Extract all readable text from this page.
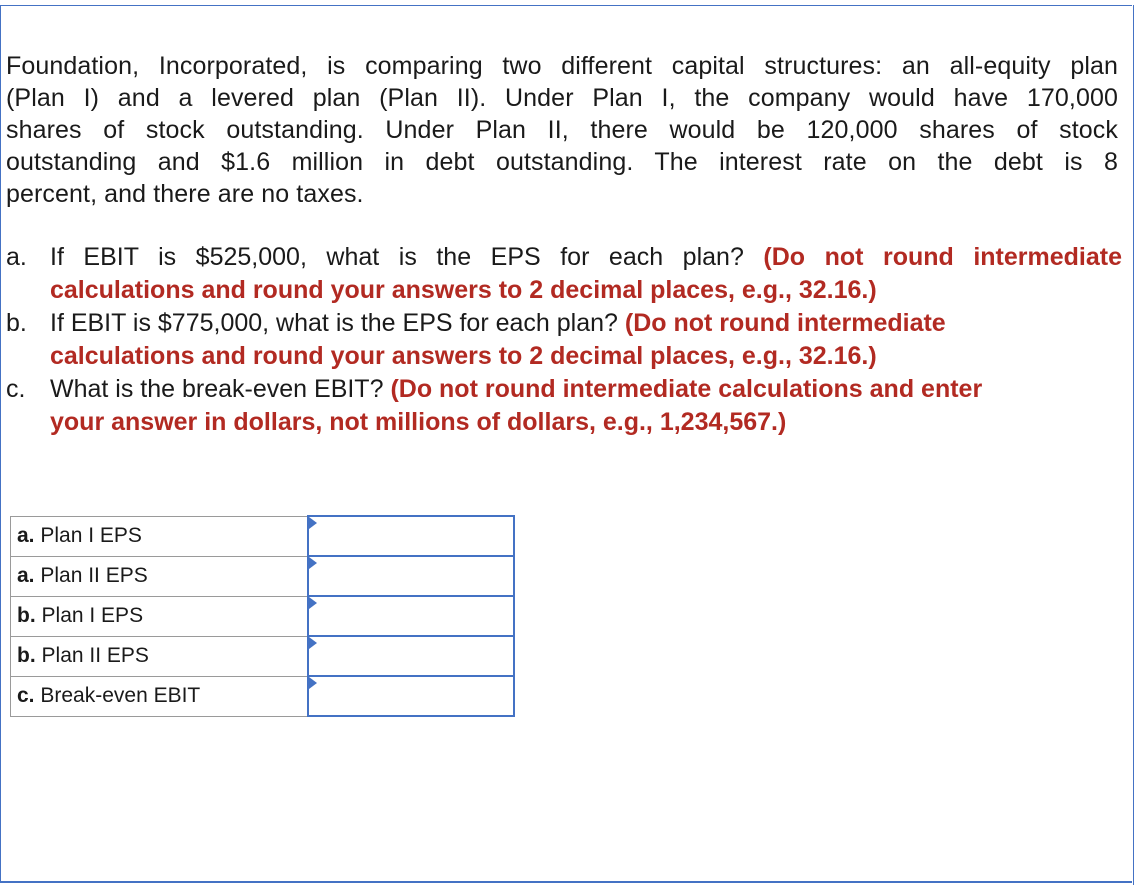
Foundation, Incorporated, is comparing two different capital structures: an all-equity plan
(Plan I) and a levered plan (Plan II). Under Plan I, the company would have 170,000
shares of stock outstanding. Under Plan II, there would be 120,000 shares of stock
outstanding and $1.6 million in debt outstanding. The interest rate on the debt is 8
percent, and there are no taxes.
a. If EBIT is $525,000, what is the EPS for each plan? (Do not round intermediate
calculations and round your answers to 2 decimal places, e.g., 32.16.)
b. If EBIT is $775,000, what is the EPS for each plan? (Do not round intermediate
calculations and round your answers to 2 decimal places, e.g., 32.16.)
c. What is the break-even EBIT? (Do not round intermediate calculations and enter
your answer in dollars, not millions of dollars, e.g., 1,234,567.)
a. Plan I EPS	

a. Plan II EPS	

b. Plan I EPS	

b. Plan II EPS	

c. Break-even EBIT	
